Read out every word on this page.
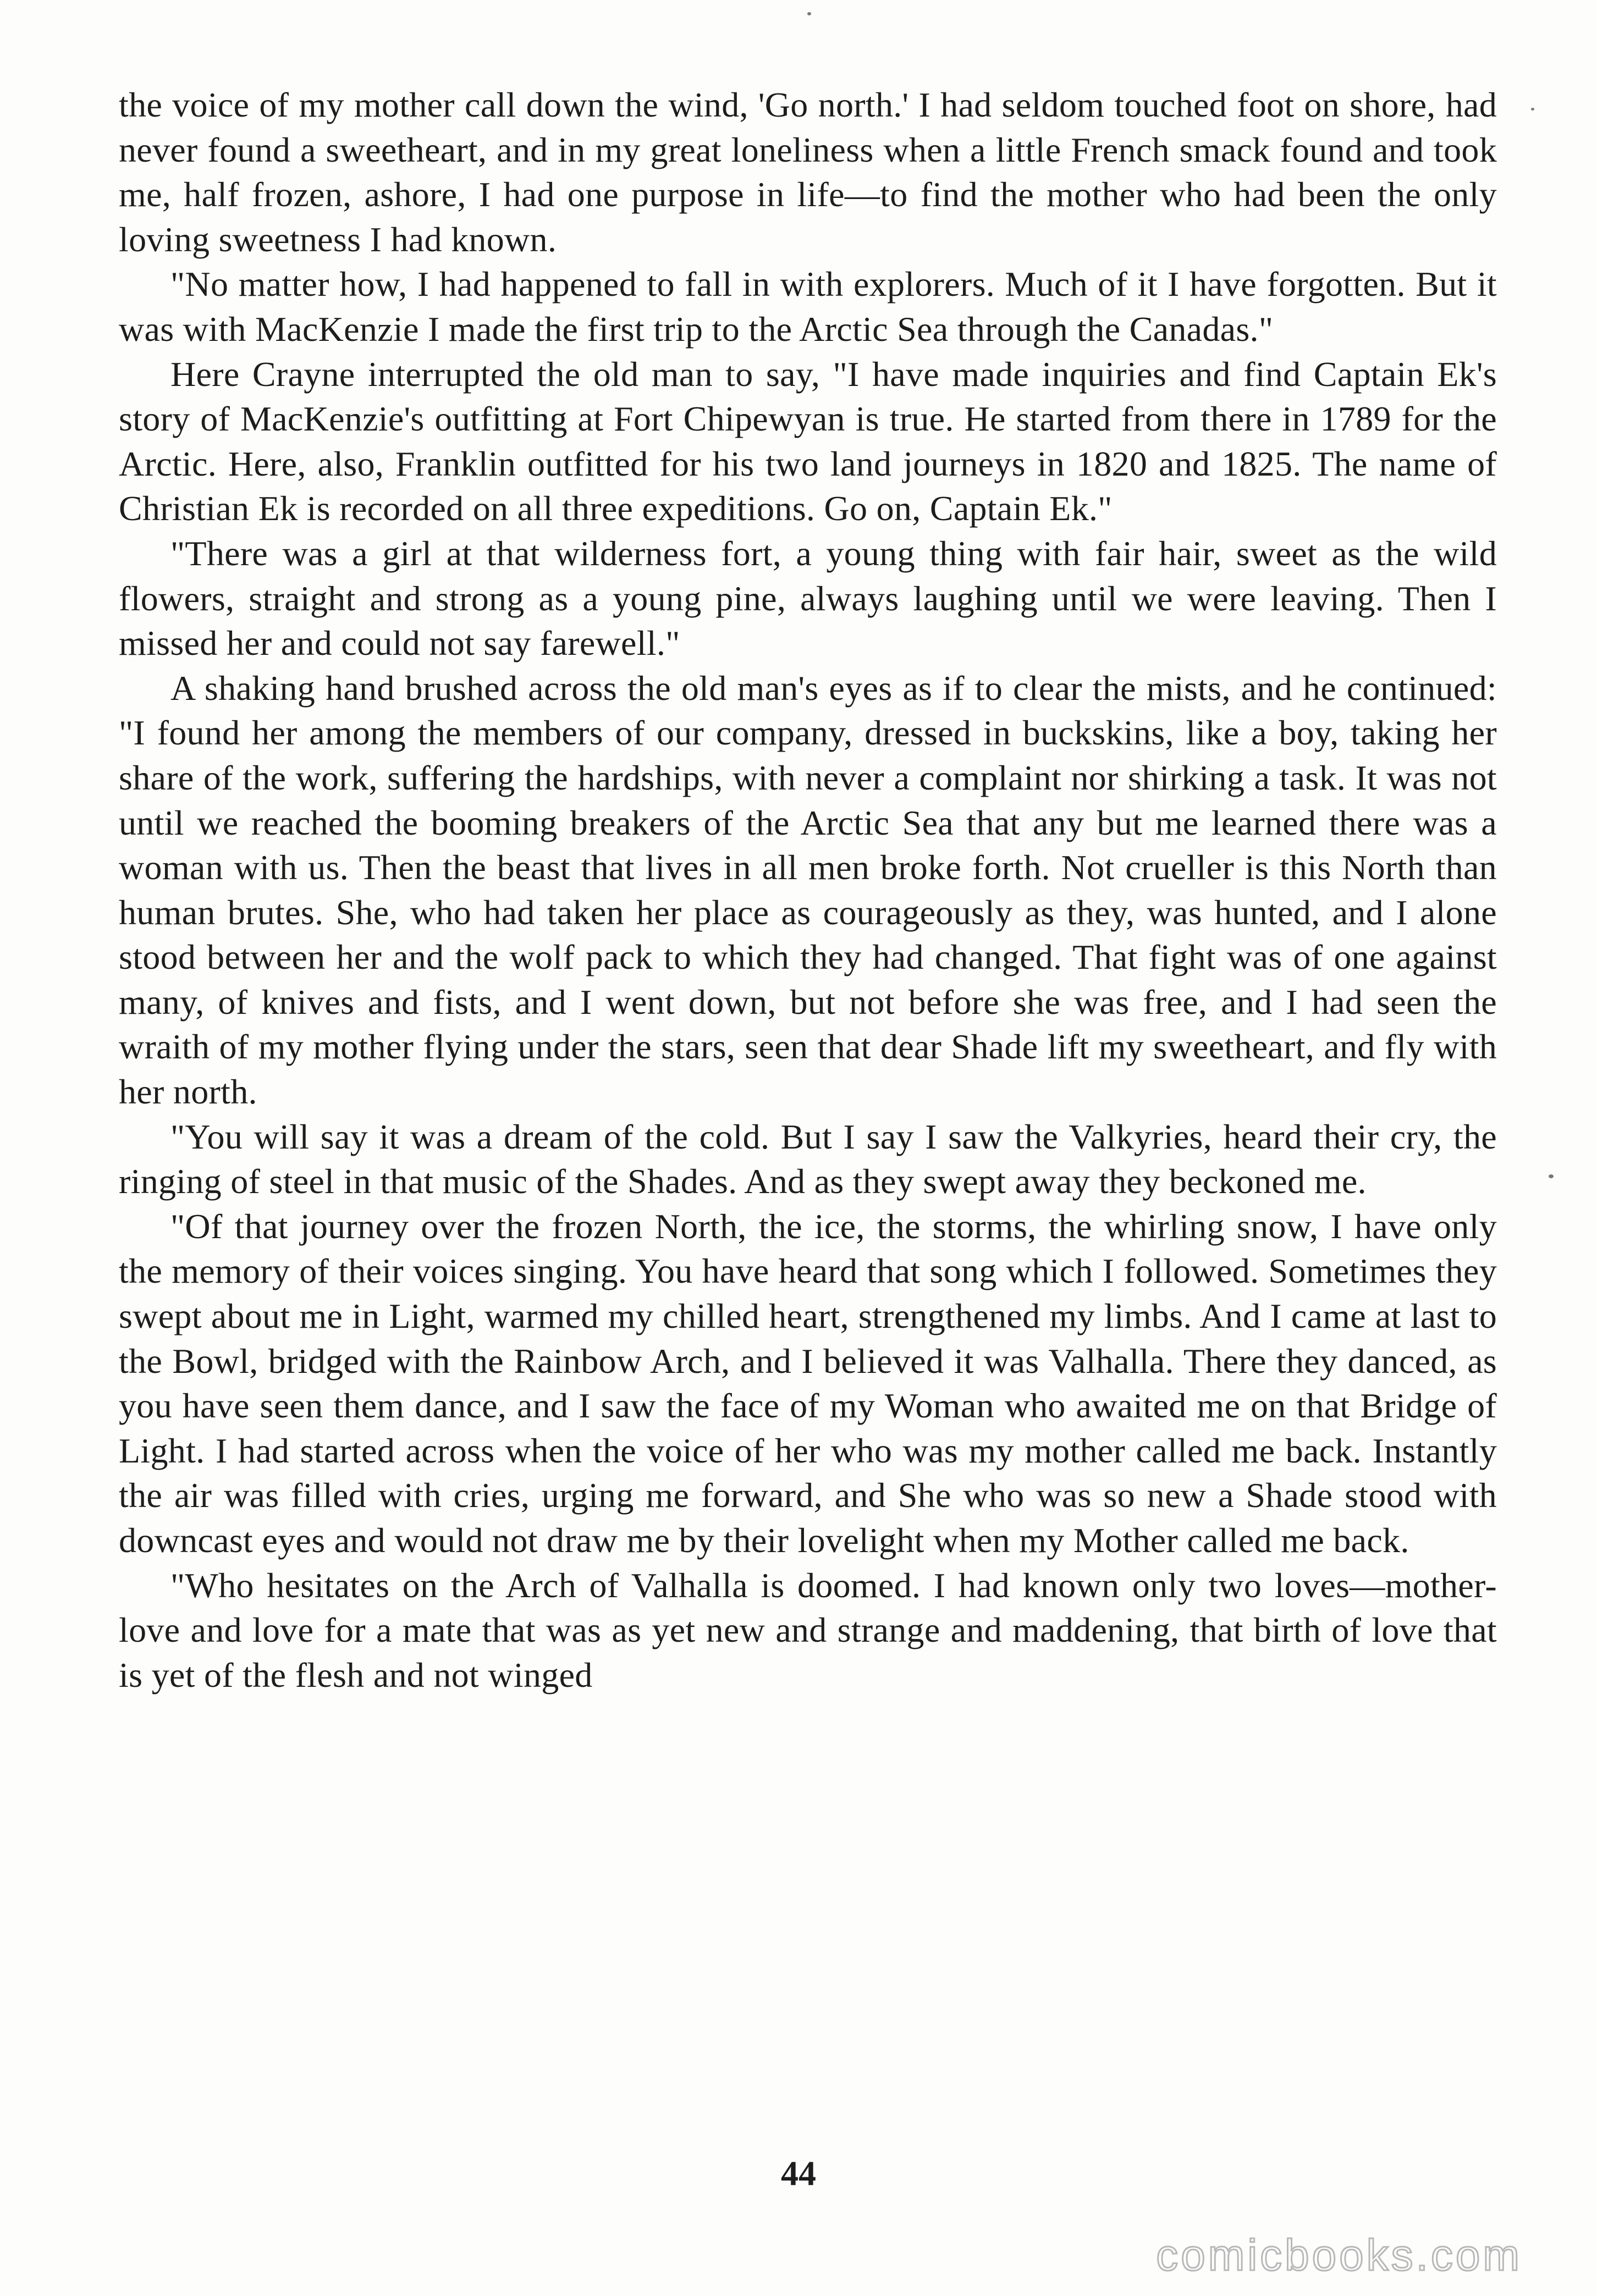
the voice of my mother call down the wind, 'Go north.' I had seldom touched foot on shore, had never found a sweetheart, and in my great loneliness when a little French smack found and took me, half frozen, ashore, I had one purpose in life—to find the mother who had been the only loving sweetness I had known.

"No matter how, I had happened to fall in with explorers. Much of it I have forgotten. But it was with MacKenzie I made the first trip to the Arctic Sea through the Canadas."

Here Crayne interrupted the old man to say, "I have made inquiries and find Captain Ek's story of MacKenzie's outfitting at Fort Chipewyan is true. He started from there in 1789 for the Arctic. Here, also, Franklin outfitted for his two land journeys in 1820 and 1825. The name of Christian Ek is recorded on all three expeditions. Go on, Captain Ek."

"There was a girl at that wilderness fort, a young thing with fair hair, sweet as the wild flowers, straight and strong as a young pine, always laughing until we were leaving. Then I missed her and could not say farewell."

A shaking hand brushed across the old man's eyes as if to clear the mists, and he continued: "I found her among the members of our company, dressed in buckskins, like a boy, taking her share of the work, suffering the hardships, with never a complaint nor shirking a task. It was not until we reached the booming breakers of the Arctic Sea that any but me learned there was a woman with us. Then the beast that lives in all men broke forth. Not crueller is this North than human brutes. She, who had taken her place as courageously as they, was hunted, and I alone stood between her and the wolf pack to which they had changed. That fight was of one against many, of knives and fists, and I went down, but not before she was free, and I had seen the wraith of my mother flying under the stars, seen that dear Shade lift my sweetheart, and fly with her north.

"You will say it was a dream of the cold. But I say I saw the Valkyries, heard their cry, the ringing of steel in that music of the Shades. And as they swept away they beckoned me.

"Of that journey over the frozen North, the ice, the storms, the whirling snow, I have only the memory of their voices singing. You have heard that song which I followed. Sometimes they swept about me in Light, warmed my chilled heart, strengthened my limbs. And I came at last to the Bowl, bridged with the Rainbow Arch, and I believed it was Valhalla. There they danced, as you have seen them dance, and I saw the face of my Woman who awaited me on that Bridge of Light. I had started across when the voice of her who was my mother called me back. Instantly the air was filled with cries, urging me forward, and She who was so new a Shade stood with downcast eyes and would not draw me by their lovelight when my Mother called me back.

"Who hesitates on the Arch of Valhalla is doomed. I had known only two loves—mother-love and love for a mate that was as yet new and strange and maddening, that birth of love that is yet of the flesh and not winged

44
comicbooks.com
